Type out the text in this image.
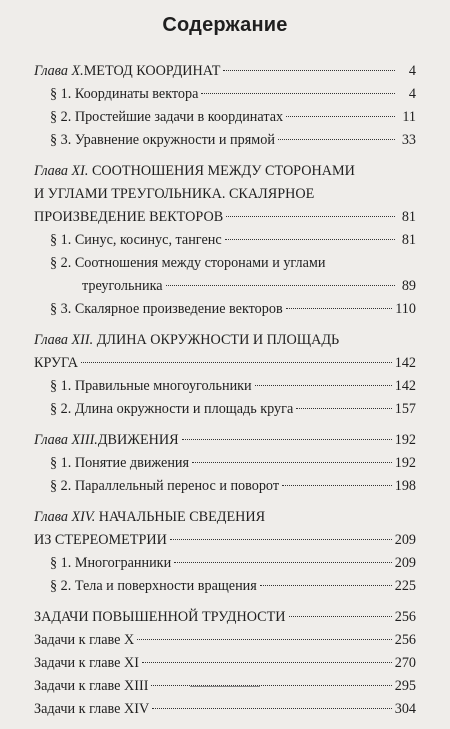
Содержание
Глава X. МЕТОД КООРДИНАТ	4
§ 1. Координаты вектора	4
§ 2. Простейшие задачи в координатах	11
§ 3. Уравнение окружности и прямой	33
Глава XI. СООТНОШЕНИЯ МЕЖДУ СТОРОНАМИ
И УГЛАМИ ТРЕУГОЛЬНИКА. СКАЛЯРНОЕ
ПРОИЗВЕДЕНИЕ ВЕКТОРОВ	81
§ 1. Синус, косинус, тангенс	81
§ 2. Соотношения между сторонами и углами
треугольника	89
§ 3. Скалярное произведение векторов	110
Глава XII. ДЛИНА ОКРУЖНОСТИ И ПЛОЩАДЬ
КРУГА	142
§ 1. Правильные многоугольники	142
§ 2. Длина окружности и площадь круга	157
Глава XIII. ДВИЖЕНИЯ	192
§ 1. Понятие движения	192
§ 2. Параллельный перенос и поворот	198
Глава XIV. НАЧАЛЬНЫЕ СВЕДЕНИЯ
ИЗ СТЕРЕОМЕТРИИ	209
§ 1. Многогранники	209
§ 2. Тела и поверхности вращения	225
ЗАДАЧИ ПОВЫШЕННОЙ ТРУДНОСТИ	256
Задачи к главе X	256
Задачи к главе XI	270
Задачи к главе XIII	295
Задачи к главе XIV	304
